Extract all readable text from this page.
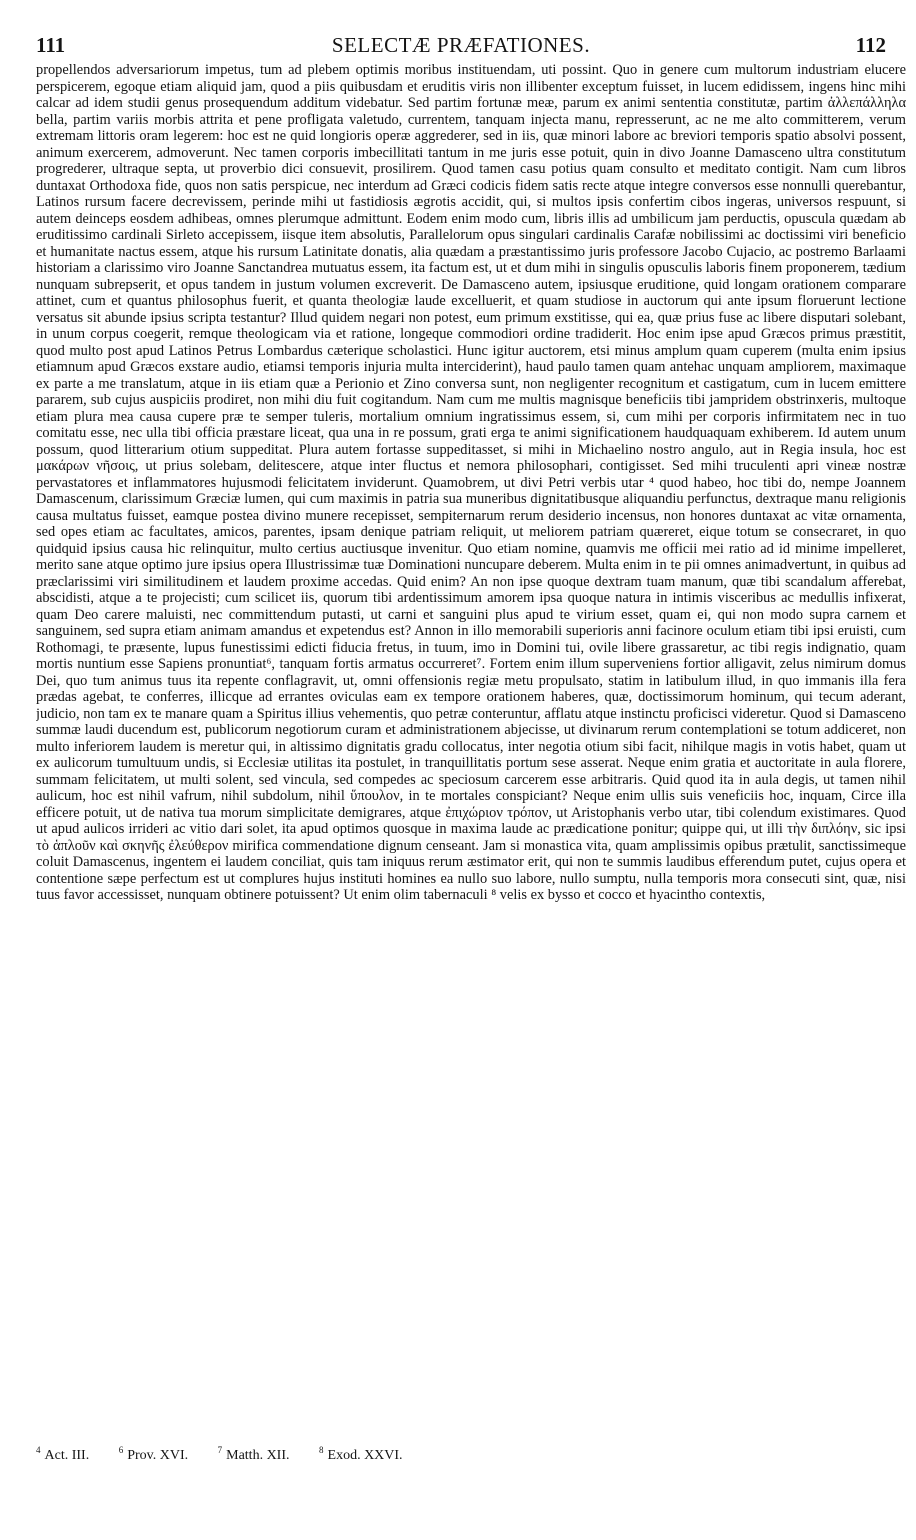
111	SELECTÆ PRÆFATIONES.	112

propellendos adversariorum impetus, tum ad plebem optimis moribus instituendam, uti possint. Quo in genere cum multorum industriam elucere perspicerem, egoque etiam aliquid jam, quod a piis quibusdam et eruditis viris non illibenter exceptum fuisset, in lucem edidissem, ingens hinc mihi calcar ad idem studii genus prosequendum additum videbatur. Sed partim fortunæ meæ, parum ex animi sententia constitutæ, partim ἀλλεπάλληλα bella, partim variis morbis attrita et pene profligata valetudo, currentem, tanquam injecta manu, represserunt, ac ne me alto committerem, verum extremam littoris oram legerem: hoc est ne quid longioris operæ aggrederer, sed in iis, quæ minori labore ac breviori temporis spatio absolvi possent, animum exercerem, admoverunt. Nec tamen corporis imbecillitati tantum in me juris esse potuit, quin in divo Joanne Damasceno ultra constitutum progrederer, ultraque septa, ut proverbio dici consuevit, prosilirem. Quod tamen casu potius quam consulto et meditato contigit. Nam cum libros duntaxat Orthodoxa fide, quos non satis perspicue, nec interdum ad Græci codicis fidem satis recte atque integre conversos esse nonnulli querebantur, Latinos rursum facere decrevissem, perinde mihi ut fastidiosis ægrotis accidit, qui, si multos ipsis confertim cibos ingeras, universos respuunt, si autem deinceps eosdem adhibeas, omnes plerumque admittunt. Eodem enim modo cum, libris illis ad umbilicum jam perductis, opuscula quædam ab eruditissimo cardinali Sirleto accepissem, iisque item absolutis, Parallelorum opus singulari cardinalis Carafæ nobilissimi ac doctissimi viri beneficio et humanitate nactus essem, atque his rursum Latinitate donatis, alia quædam a præstantissimo juris professore Jacobo Cujacio, ac postremo Barlaami historiam a clarissimo viro Joanne Sanctandrea mutuatus essem, ita factum est, ut et dum mihi in singulis opusculis laboris finem proponerem, tædium nunquam subrepserit, et opus tandem in justum volumen excreverit. De Damasceno autem, ipsiusque eruditione, quid longam orationem comparare attinet, cum et quantus philosophus fuerit, et quanta theologiæ laude excelluerit, et quam studiose in auctorum qui ante ipsum floruerunt lectione versatus sit abunde ipsius scripta testantur? Illud quidem negari non potest, eum primum exstitisse, qui ea, quæ prius fuse ac libere disputari solebant, in unum corpus coegerit, remque theologicam via et ratione, longeque commodiori ordine tradiderit. Hoc enim ipse apud Græcos primus præstitit, quod multo post apud Latinos Petrus Lombardus cæterique scholastici. Hunc igitur auctorem, etsi minus amplum quam cuperem (multa enim ipsius etiamnum apud Græcos exstare audio, etiamsi temporis injuria multa interciderint), haud paulo tamen quam antehac unquam ampliorem, maximaque ex parte a me translatum, atque in iis etiam quæ a Perionio et Zino conversa sunt, non negligenter recognitum et castigatum, cum in lucem emittere pararem, sub cujus auspiciis prodiret, non mihi diu fuit cogitandum. Nam cum me multis magnisque beneficiis tibi jampridem obstrinxeris, multoque etiam plura mea causa cupere præ te semper tuleris, mortalium omnium ingratissimus essem, si, cum mihi per corporis infirmitatem nec in tuo comitatu esse, nec ulla tibi officia præstare liceat, qua una in re possum, grati erga te animi significationem haudquaquam exhiberem. Id autem unum possum, quod litterarium otium suppeditat. Plura autem fortasse suppeditasset, si mihi in Michaelino nostro angulo, aut in Regia insula, hoc est μακάρων νῆσοις, ut prius solebam, delitescere, atque inter fluctus et nemora philosophari, contigisset. Sed mihi truculenti apri vineæ nostræ pervastatores et inflammatores hujusmodi felicitatem inviderunt. Quamobrem, ut divi Petri verbis utar ⁴ quod habeo, hoc tibi do, nempe Joannem Damascenum, clarissimum Græciæ lumen, qui cum maximis in patria sua muneribus dignitatibusque aliquandiu perfunctus, dextraque manu religionis causa multatus fuisset, eamque postea divino munere recepisset, sempiternarum rerum desiderio incensus, non honores duntaxat ac vitæ ornamenta, sed opes etiam ac facultates, amicos, parentes, ipsam denique patriam reliquit, ut meliorem patriam quæreret, eique totum se consecraret, in quo quidquid ipsius causa hic relinquitur, multo certius auctiusque invenitur. Quo etiam nomine, quamvis me officii mei ratio ad id minime impelleret, merito sane atque optimo jure ipsius opera Illustrissimæ tuæ Dominationi nuncupare deberem. Multa enim in te pii omnes animadvertunt, in quibus ad præclarissimi viri similitudinem et laudem proxime accedas. Quid enim? An non ipse quoque dextram tuam manum, quæ tibi scandalum afferebat, abscidisti, atque a te projecisti; cum scilicet iis, quorum tibi ardentissimum amorem ipsa quoque natura in intimis visceribus ac medullis infixerat, quam Deo carere maluisti, nec committendum putasti, ut carni et sanguini plus apud te virium esset, quam ei, qui non modo supra carnem et sanguinem, sed supra etiam animam amandus et expetendus est? Annon in illo memorabili superioris anni facinore oculum etiam tibi ipsi eruisti, cum Rothomagi, te præsente, lupus funestissimi edicti fiducia fretus, in tuum, imo in Domini tui, ovile libere grassaretur, ac tibi regis indignatio, quam mortis nuntium esse Sapiens pronuntiat⁶, tanquam fortis armatus occurreret⁷. Fortem enim illum superveniens fortior alligavit, zelus nimirum domus Dei, quo tum animus tuus ita repente conflagravit, ut, omni offensionis regiæ metu propulsato, statim in latibulum illud, in quo immanis illa fera prædas agebat, te conferres, illicque ad errantes oviculas eam ex tempore orationem haberes, quæ, doctissimorum hominum, qui tecum aderant, judicio, non tam ex te manare quam a Spiritus illius vehementis, quo petræ conteruntur, afflatu atque instinctu proficisci videretur. Quod si Damasceno summæ laudi ducendum est, publicorum negotiorum curam et administrationem abjecisse, ut divinarum rerum contemplationi se totum addiceret, non multo inferiorem laudem is meretur qui, in altissimo dignitatis gradu collocatus, inter negotia otium sibi facit, nihilque magis in votis habet, quam ut ex aulicorum tumultuum undis, si Ecclesiæ utilitas ita postulet, in tranquillitatis portum sese asserat. Neque enim gratia et auctoritate in aula florere, summam felicitatem, ut multi solent, sed vincula, sed compedes ac speciosum carcerem esse arbitraris. Quid quod ita in aula degis, ut tamen nihil aulicum, hoc est nihil vafrum, nihil subdolum, nihil ὕπουλον, in te mortales conspiciant? Neque enim ullis suis veneficiis hoc, inquam, Circe illa efficere potuit, ut de nativa tua morum simplicitate demigrares, atque ἐπιχώριον τρόπον, ut Aristophanis verbo utar, tibi colendum existimares. Quod ut apud aulicos irrideri ac vitio dari solet, ita apud optimos quosque in maxima laude ac prædicatione ponitur; quippe qui, ut illi τὴν διπλόην, sic ipsi τὸ ἁπλοῦν καὶ σκηνῆς ἐλεύθερον mirifica commendatione dignum censeant. Jam si monastica vita, quam amplissimis opibus prætulit, sanctissimeque coluit Damascenus, ingentem ei laudem conciliat, quis tam iniquus rerum æstimator erit, qui non te summis laudibus efferendum putet, cujus opera et contentione sæpe perfectum est ut complures hujus instituti homines ea nullo suo labore, nullo sumptu, nulla temporis mora consecuti sint, quæ, nisi tuus favor accessisset, nunquam obtinere potuissent? Ut enim olim tabernaculi ⁸ velis ex bysso et cocco et hyacintho contextis,

$^4$ Act. III.	$^6$ Prov. XVI.	$^7$ Matth. XII.	$^8$ Exod. XXVI.
